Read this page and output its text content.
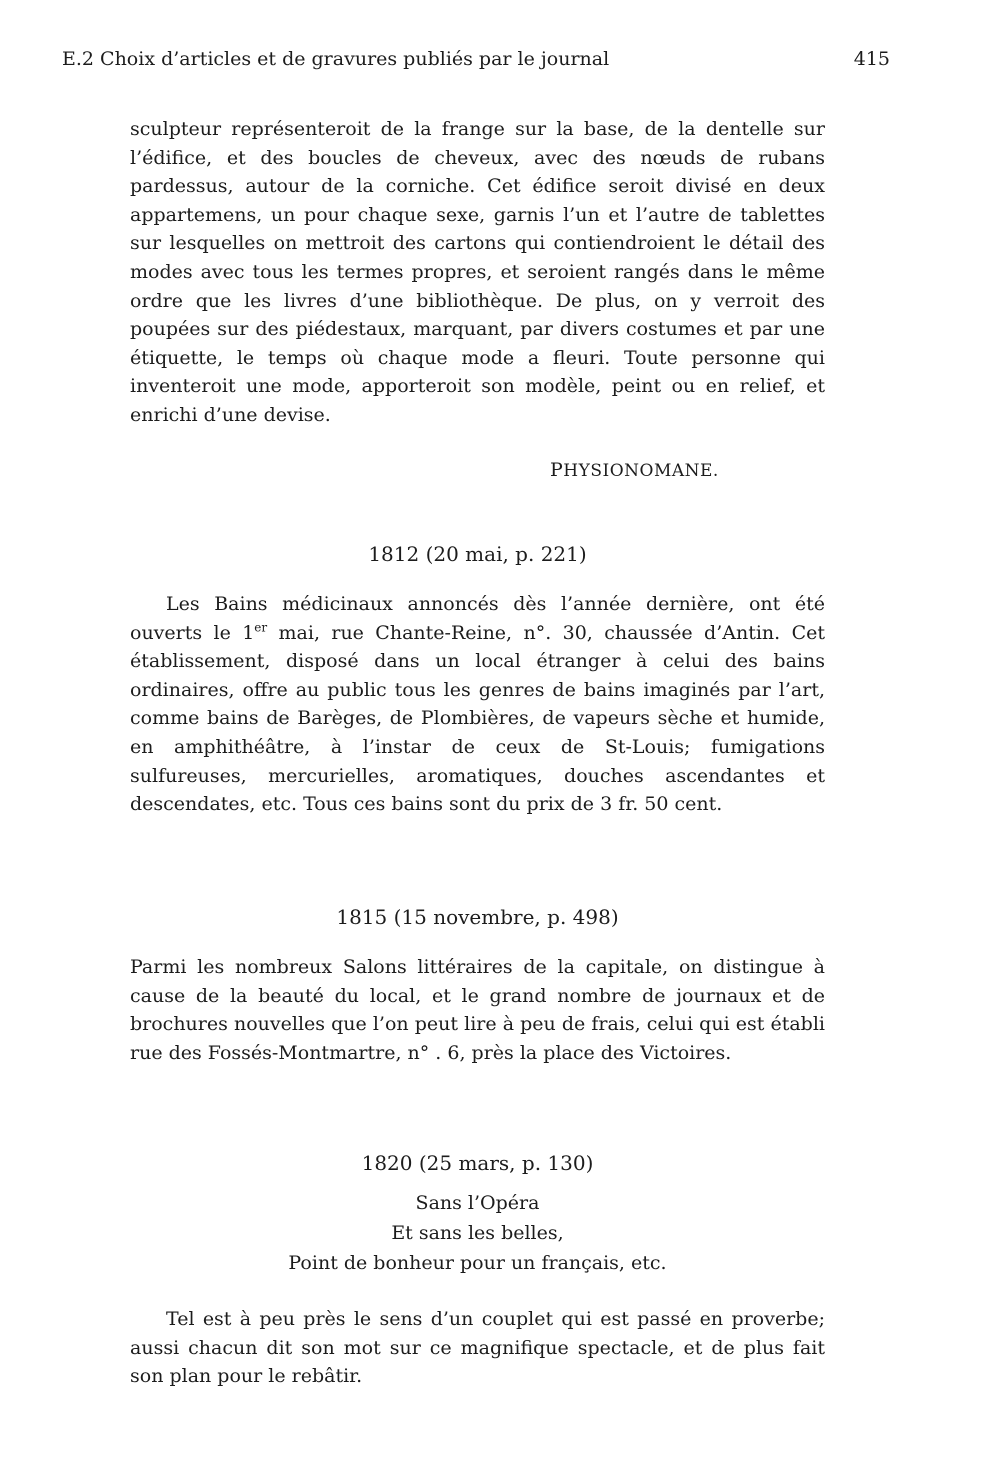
E.2 Choix d’articles et de gravures publiés par le journal	415

sculpteur représenteroit de la frange sur la base, de la dentelle sur l’édifice, et des boucles de cheveux, avec des nœuds de rubans pardessus, autour de la corniche. Cet édifice seroit divisé en deux appartemens, un pour chaque sexe, garnis l’un et l’autre de tablettes sur lesquelles on mettroit des cartons qui contiendroient le détail des modes avec tous les termes propres, et seroient rangés dans le même ordre que les livres d’une bibliothèque. De plus, on y verroit des poupées sur des piédestaux, marquant, par divers costumes et par une étiquette, le temps où chaque mode a fleuri. Toute personne qui inventeroit une mode, apporteroit son modèle, peint ou en relief, et enrichi d’une devise.

PHYSIONOMANE.
1812 (20 mai, p. 221)

Les Bains médicinaux annoncés dès l’année dernière, ont été ouverts le 1er mai, rue Chante-Reine, n°. 30, chaussée d’Antin. Cet établissement, disposé dans un local étranger à celui des bains ordinaires, offre au public tous les genres de bains imaginés par l’art, comme bains de Barèges, de Plombières, de vapeurs sèche et humide, en amphithéâtre, à l’instar de ceux de St-Louis; fumigations sulfureuses, mercurielles, aromatiques, douches ascendantes et descendates, etc. Tous ces bains sont du prix de 3 fr. 50 cent.

1815 (15 novembre, p. 498)

Parmi les nombreux Salons littéraires de la capitale, on distingue à cause de la beauté du local, et le grand nombre de journaux et de brochures nouvelles que l’on peut lire à peu de frais, celui qui est établi rue des Fossés-Montmartre, n° . 6, près la place des Victoires.

1820 (25 mars, p. 130)
Sans l’Opéra
Et sans les belles,
Point de bonheur pour un français, etc.

Tel est à peu près le sens d’un couplet qui est passé en proverbe; aussi chacun dit son mot sur ce magnifique spectacle, et de plus fait son plan pour le rebâtir.
